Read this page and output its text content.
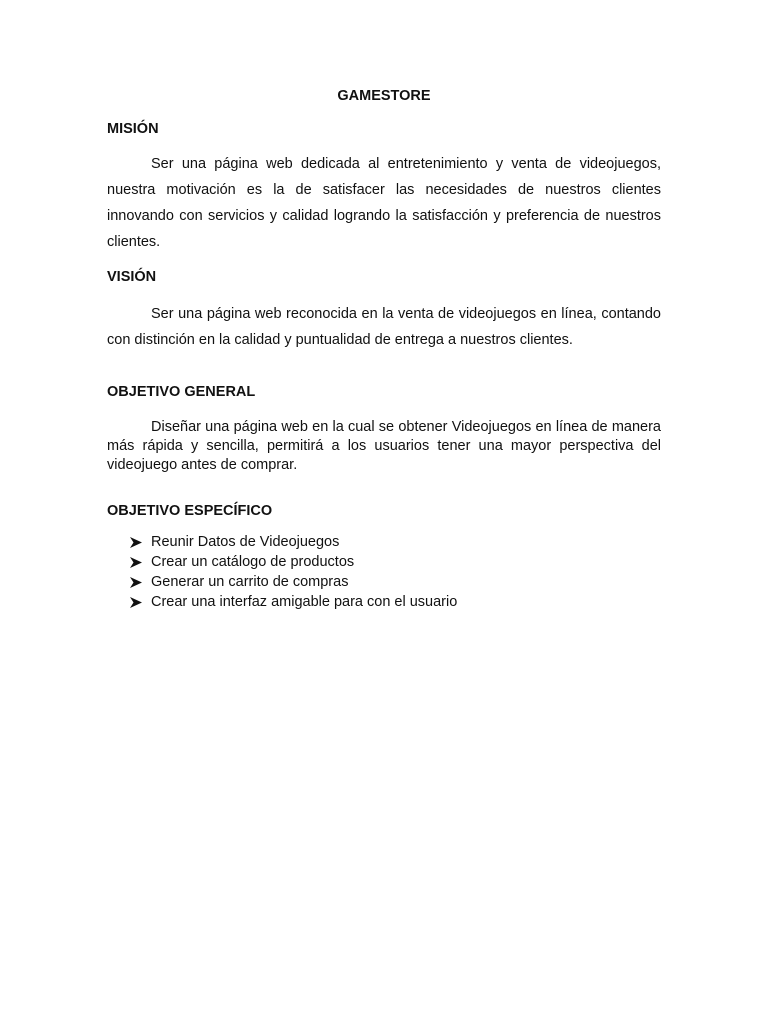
GAMESTORE
MISIÓN

Ser una página web dedicada al entretenimiento y venta de videojuegos, nuestra motivación es la de satisfacer las necesidades de nuestros clientes innovando con servicios y calidad logrando la satisfacción y preferencia de nuestros clientes.

VISIÓN

Ser una página web reconocida en la venta de videojuegos en línea, contando con distinción en la calidad y puntualidad de entrega a nuestros clientes.

OBJETIVO GENERAL

Diseñar una página web en la cual se obtener Videojuegos en línea de manera más rápida y sencilla, permitirá a los usuarios tener una mayor perspectiva del videojuego antes de comprar.

OBJETIVO ESPECÍFICO
Reunir Datos de Videojuegos
Crear un catálogo de productos
Generar un carrito de compras
Crear una interfaz amigable para con el usuario
